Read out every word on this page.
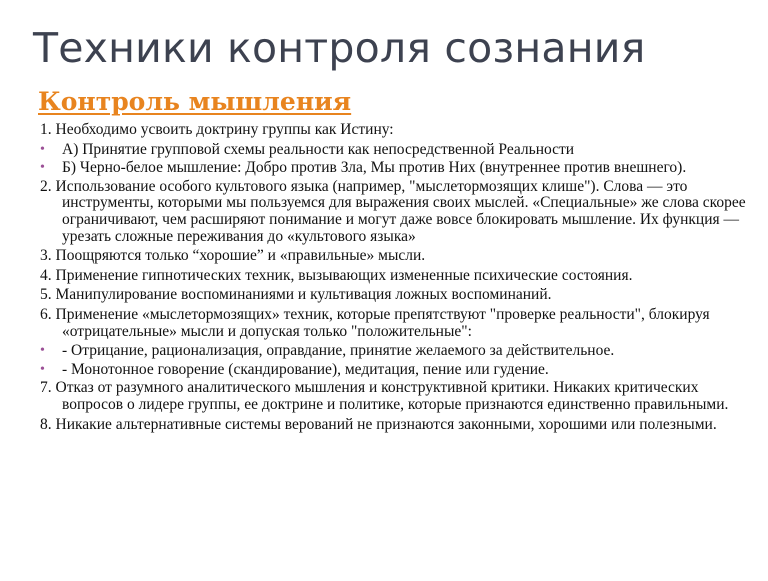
Техники контроля сознания
Контроль мышления
1. Необходимо усвоить доктрину группы как Истину:
•	А) Принятие групповой схемы реальности как непосредственной Реальности
•	Б) Черно-белое мышление: Добро против Зла, Мы против Них (внутреннее против внешнего).
2. Использование особого культового языка (например, "мыслетормозящих клише"). Слова — это инструменты, которыми мы пользуемся для выражения своих мыслей. «Специальные» же слова скорее ограничивают, чем расширяют понимание и могут даже вовсе блокировать мышление. Их функция — урезать сложные переживания до «культового языка»
3. Поощряются только “хорошие” и «правильные» мысли.
4. Применение гипнотических техник, вызывающих измененные психические состояния.
5. Манипулирование воспоминаниями и культивация ложных воспоминаний.
6. Применение «мыслетормозящих» техник, которые препятствуют "проверке реальности", блокируя «отрицательные» мысли и допуская только "положительные":
•	- Отрицание, рационализация, оправдание, принятие желаемого за действительное.
•	- Монотонное говорение (скандирование), медитация, пение или гудение.
7. Отказ от разумного аналитического мышления и конструктивной критики. Никаких критических вопросов о лидере группы, ее доктрине и политике, которые признаются единственно правильными.
8. Никакие альтернативные системы верований не признаются законными, хорошими или полезными.
